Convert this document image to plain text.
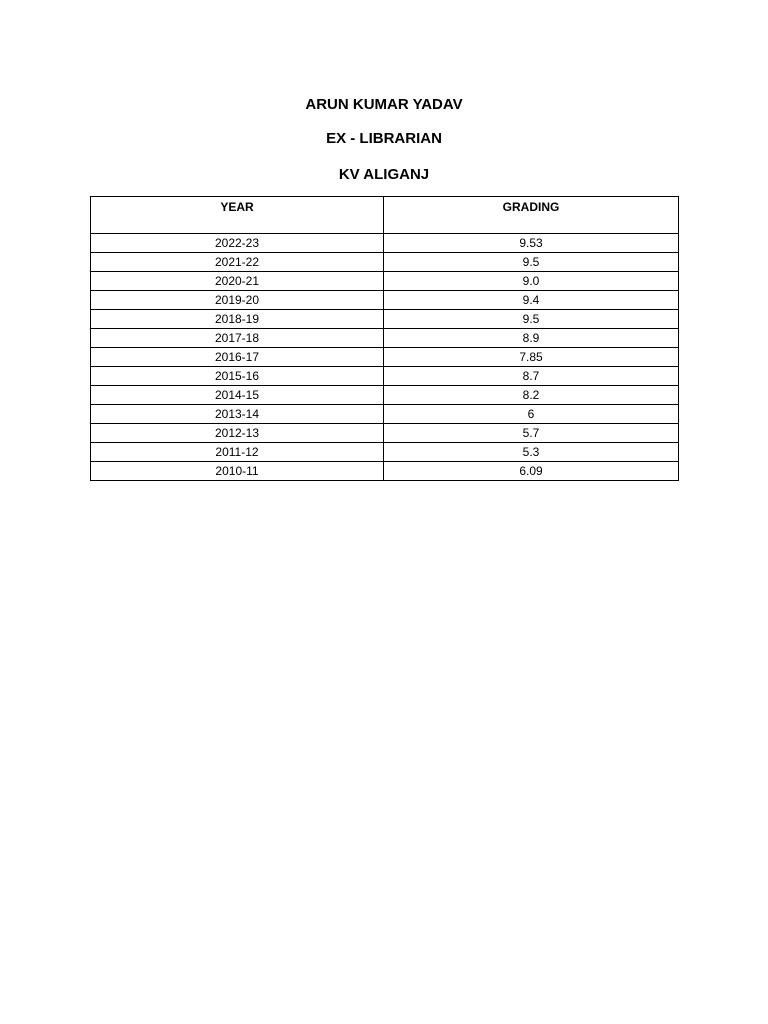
ARUN KUMAR YADAV
EX - LIBRARIAN
KV ALIGANJ
YEAR	GRADING
2022-23	9.53
2021-22	9.5
2020-21	9.0
2019-20	9.4
2018-19	9.5
2017-18	8.9
2016-17	7.85
2015-16	8.7
2014-15	8.2
2013-14	6
2012-13	5.7
2011-12	5.3
2010-11	6.09
